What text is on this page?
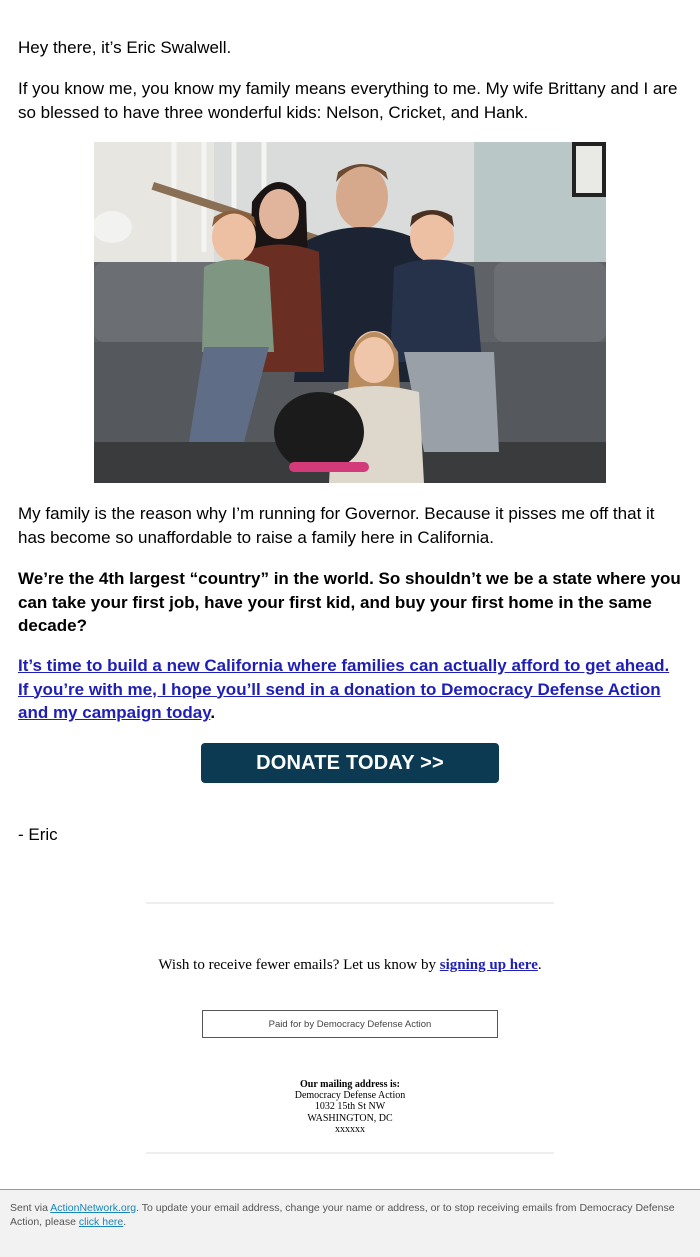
Hey there, it’s Eric Swalwell.

If you know me, you know my family means everything to me. My wife Brittany and I are so blessed to have three wonderful kids: Nelson, Cricket, and Hank.

My family is the reason why I’m running for Governor. Because it pisses me off that it has become so unaffordable to raise a family here in California.

We’re the 4th largest “country” in the world. So shouldn’t we be a state where you can take your first job, have your first kid, and buy your first home in the same decade?

It’s time to build a new California where families can actually afford to get ahead. If you’re with me, I hope you’ll send in a donation to Democracy Defense Action and my campaign today.

DONATE TODAY >>
- Eric
Wish to receive fewer emails? Let us know by signing up here.
Paid for by Democracy Defense Action
Our mailing address is:
Democracy Defense Action
1032 15th St NW
WASHINGTON, DC
xxxxxx
Sent via ActionNetwork.org. To update your email address, change your name or address, or to stop receiving emails from Democracy Defense Action, please click here.
